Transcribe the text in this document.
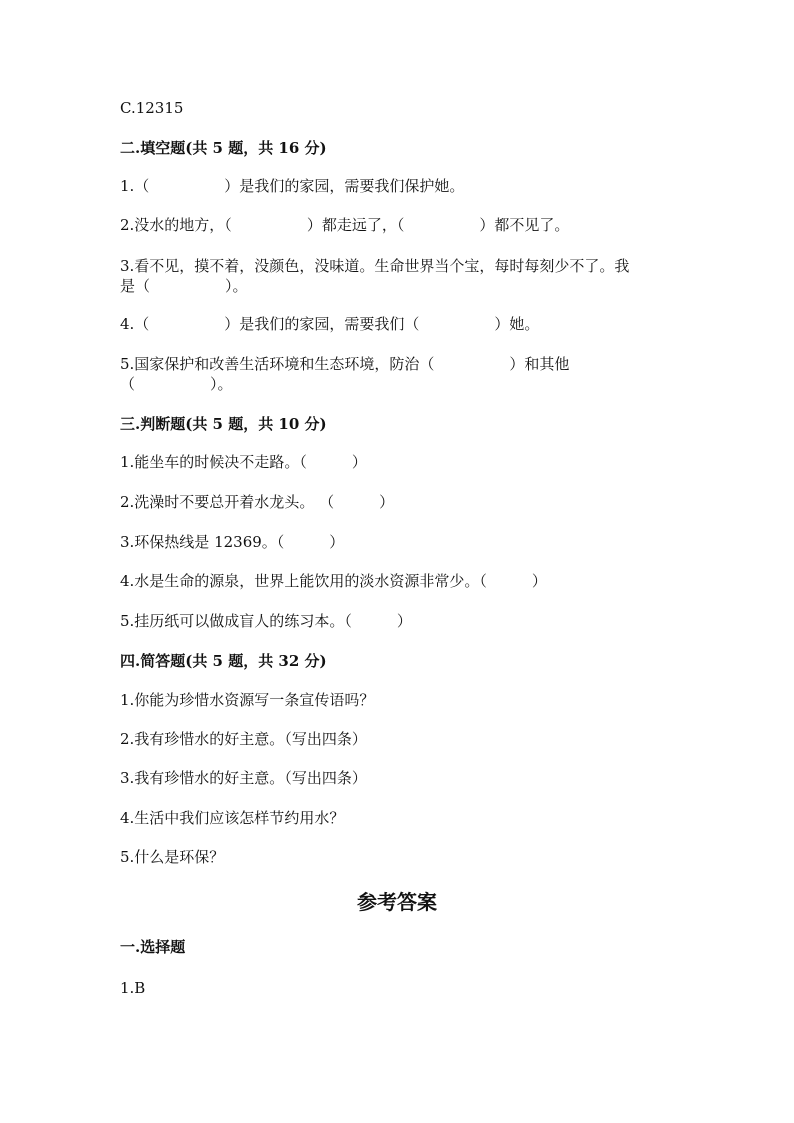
C.12315
二.填空题(共 5 题，共 16 分)
1.（　　　　　）是我们的家园，需要我们保护她。
2.没水的地方，（　　　　　）都走远了，（　　　　　）都不见了。
3.看不见，摸不着，没颜色，没味道。生命世界当个宝，每时每刻少不了。我
是（　　　　　）。
4.（　　　　　）是我们的家园，需要我们（　　　　　）她。
5.国家保护和改善生活环境和生态环境，防治（　　　　　）和其他
（　　　　　）。
三.判断题(共 5 题，共 10 分)
1.能坐车的时候决不走路。（　　　）
2.洗澡时不要总开着水龙头。 （　　　）
3.环保热线是 12369。（　　　）
4.水是生命的源泉，世界上能饮用的淡水资源非常少。（　　　）
5.挂历纸可以做成盲人的练习本。（　　　）
四.简答题(共 5 题，共 32 分)
1.你能为珍惜水资源写一条宣传语吗？
2.我有珍惜水的好主意。（写出四条）
3.我有珍惜水的好主意。（写出四条）
4.生活中我们应该怎样节约用水？
5.什么是环保？
参考答案
一.选择题
1.B
